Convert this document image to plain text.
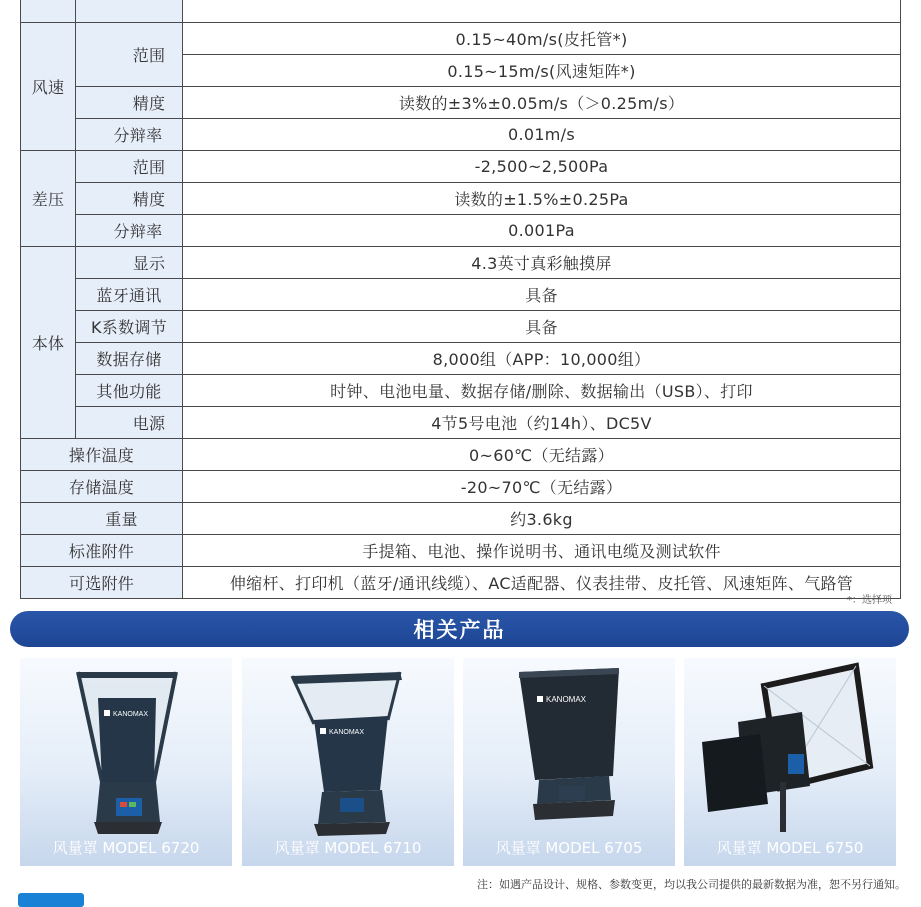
风速	范围	0.15~40m/s(皮托管*)
		0.15~15m/s(风速矩阵*)
	精度	读数的±3%±0.05m/s（＞0.25m/s）
	分辩率	0.01m/s
差压	范围	-2,500~2,500Pa
	精度	读数的±1.5%±0.25Pa
	分辩率	0.001Pa
本体	显示	4.3英寸真彩触摸屏
	蓝牙通讯	具备
	K系数调节	具备
	数据存储	8,000组（APP：10,000组）
	其他功能	时钟、电池电量、数据存储/删除、数据输出（USB）、打印
	电源	4节5号电池（约14h）、DC5V
操作温度		0~60℃（无结露）
存储温度		-20~70℃（无结露）
重量		约3.6kg
标准附件		手提箱、电池、操作说明书、通讯电缆及测试软件
可选附件		伸缩杆、打印机（蓝牙/通讯线缆）、AC适配器、仪表挂带、皮托管、风速矩阵、气路管
*：选择项
相关产品
KANOMAX
风量罩 MODEL 6720
KANOMAX
风量罩 MODEL 6710
KANOMAX
风量罩 MODEL 6705	风量罩 MODEL 6750
注：如遇产品设计、规格、参数变更，均以我公司提供的最新数据为准，恕不另行通知。
